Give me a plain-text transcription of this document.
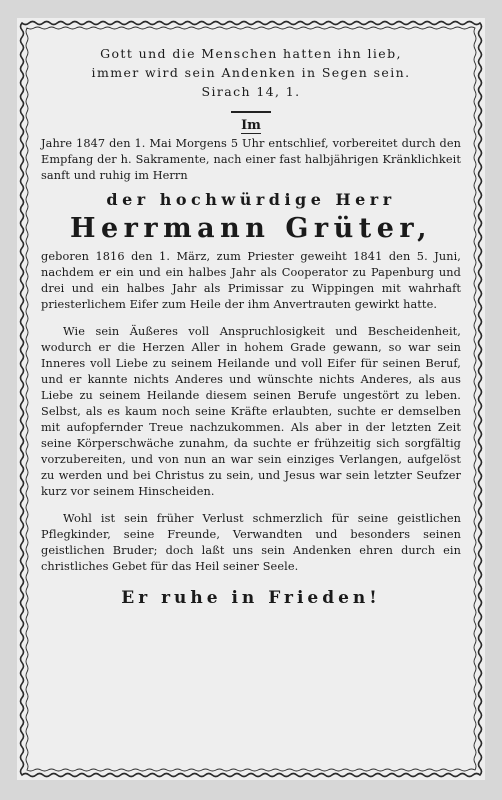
Gott und die Menschen hatten ihn lieb,
immer wird sein Andenken in Segen sein.
Sirach 14, 1.
Im

Jahre 1847 den 1. Mai Morgens 5 Uhr entschlief, vorbereitet durch den Empfang der h. Sakramente, nach einer fast halbjährigen Kränklichkeit sanft und ruhig im Herrn

der hochwürdige Herr
Herrmann Grüter,

geboren 1816 den 1. März, zum Priester geweiht 1841 den 5. Juni, nachdem er ein und ein halbes Jahr als Cooperator zu Papenburg und drei und ein halbes Jahr als Primissar zu Wippingen mit wahrhaft priesterlichem Eifer zum Heile der ihm Anvertrauten gewirkt hatte.

Wie sein Äußeres voll Anspruchlosigkeit und Bescheidenheit, wodurch er die Herzen Aller in hohem Grade gewann, so war sein Inneres voll Liebe zu seinem Heilande und voll Eifer für seinen Beruf, und er kannte nichts Anderes und wünschte nichts Anderes, als aus Liebe zu seinem Heilande diesem seinen Berufe ungestört zu leben. Selbst, als es kaum noch seine Kräfte erlaubten, suchte er demselben mit aufopfernder Treue nachzukommen. Als aber in der letzten Zeit seine Körperschwäche zunahm, da suchte er frühzeitig sich sorgfältig vorzubereiten, und von nun an war sein einziges Verlangen, aufgelöst zu werden und bei Christus zu sein, und Jesus war sein letzter Seufzer kurz vor seinem Hinscheiden.

Wohl ist sein früher Verlust schmerzlich für seine geistlichen Pflegkinder, seine Freunde, Verwandten und besonders seinen geistlichen Bruder; doch laßt uns sein Andenken ehren durch ein christliches Gebet für das Heil seiner Seele.

Er ruhe in Frieden!
